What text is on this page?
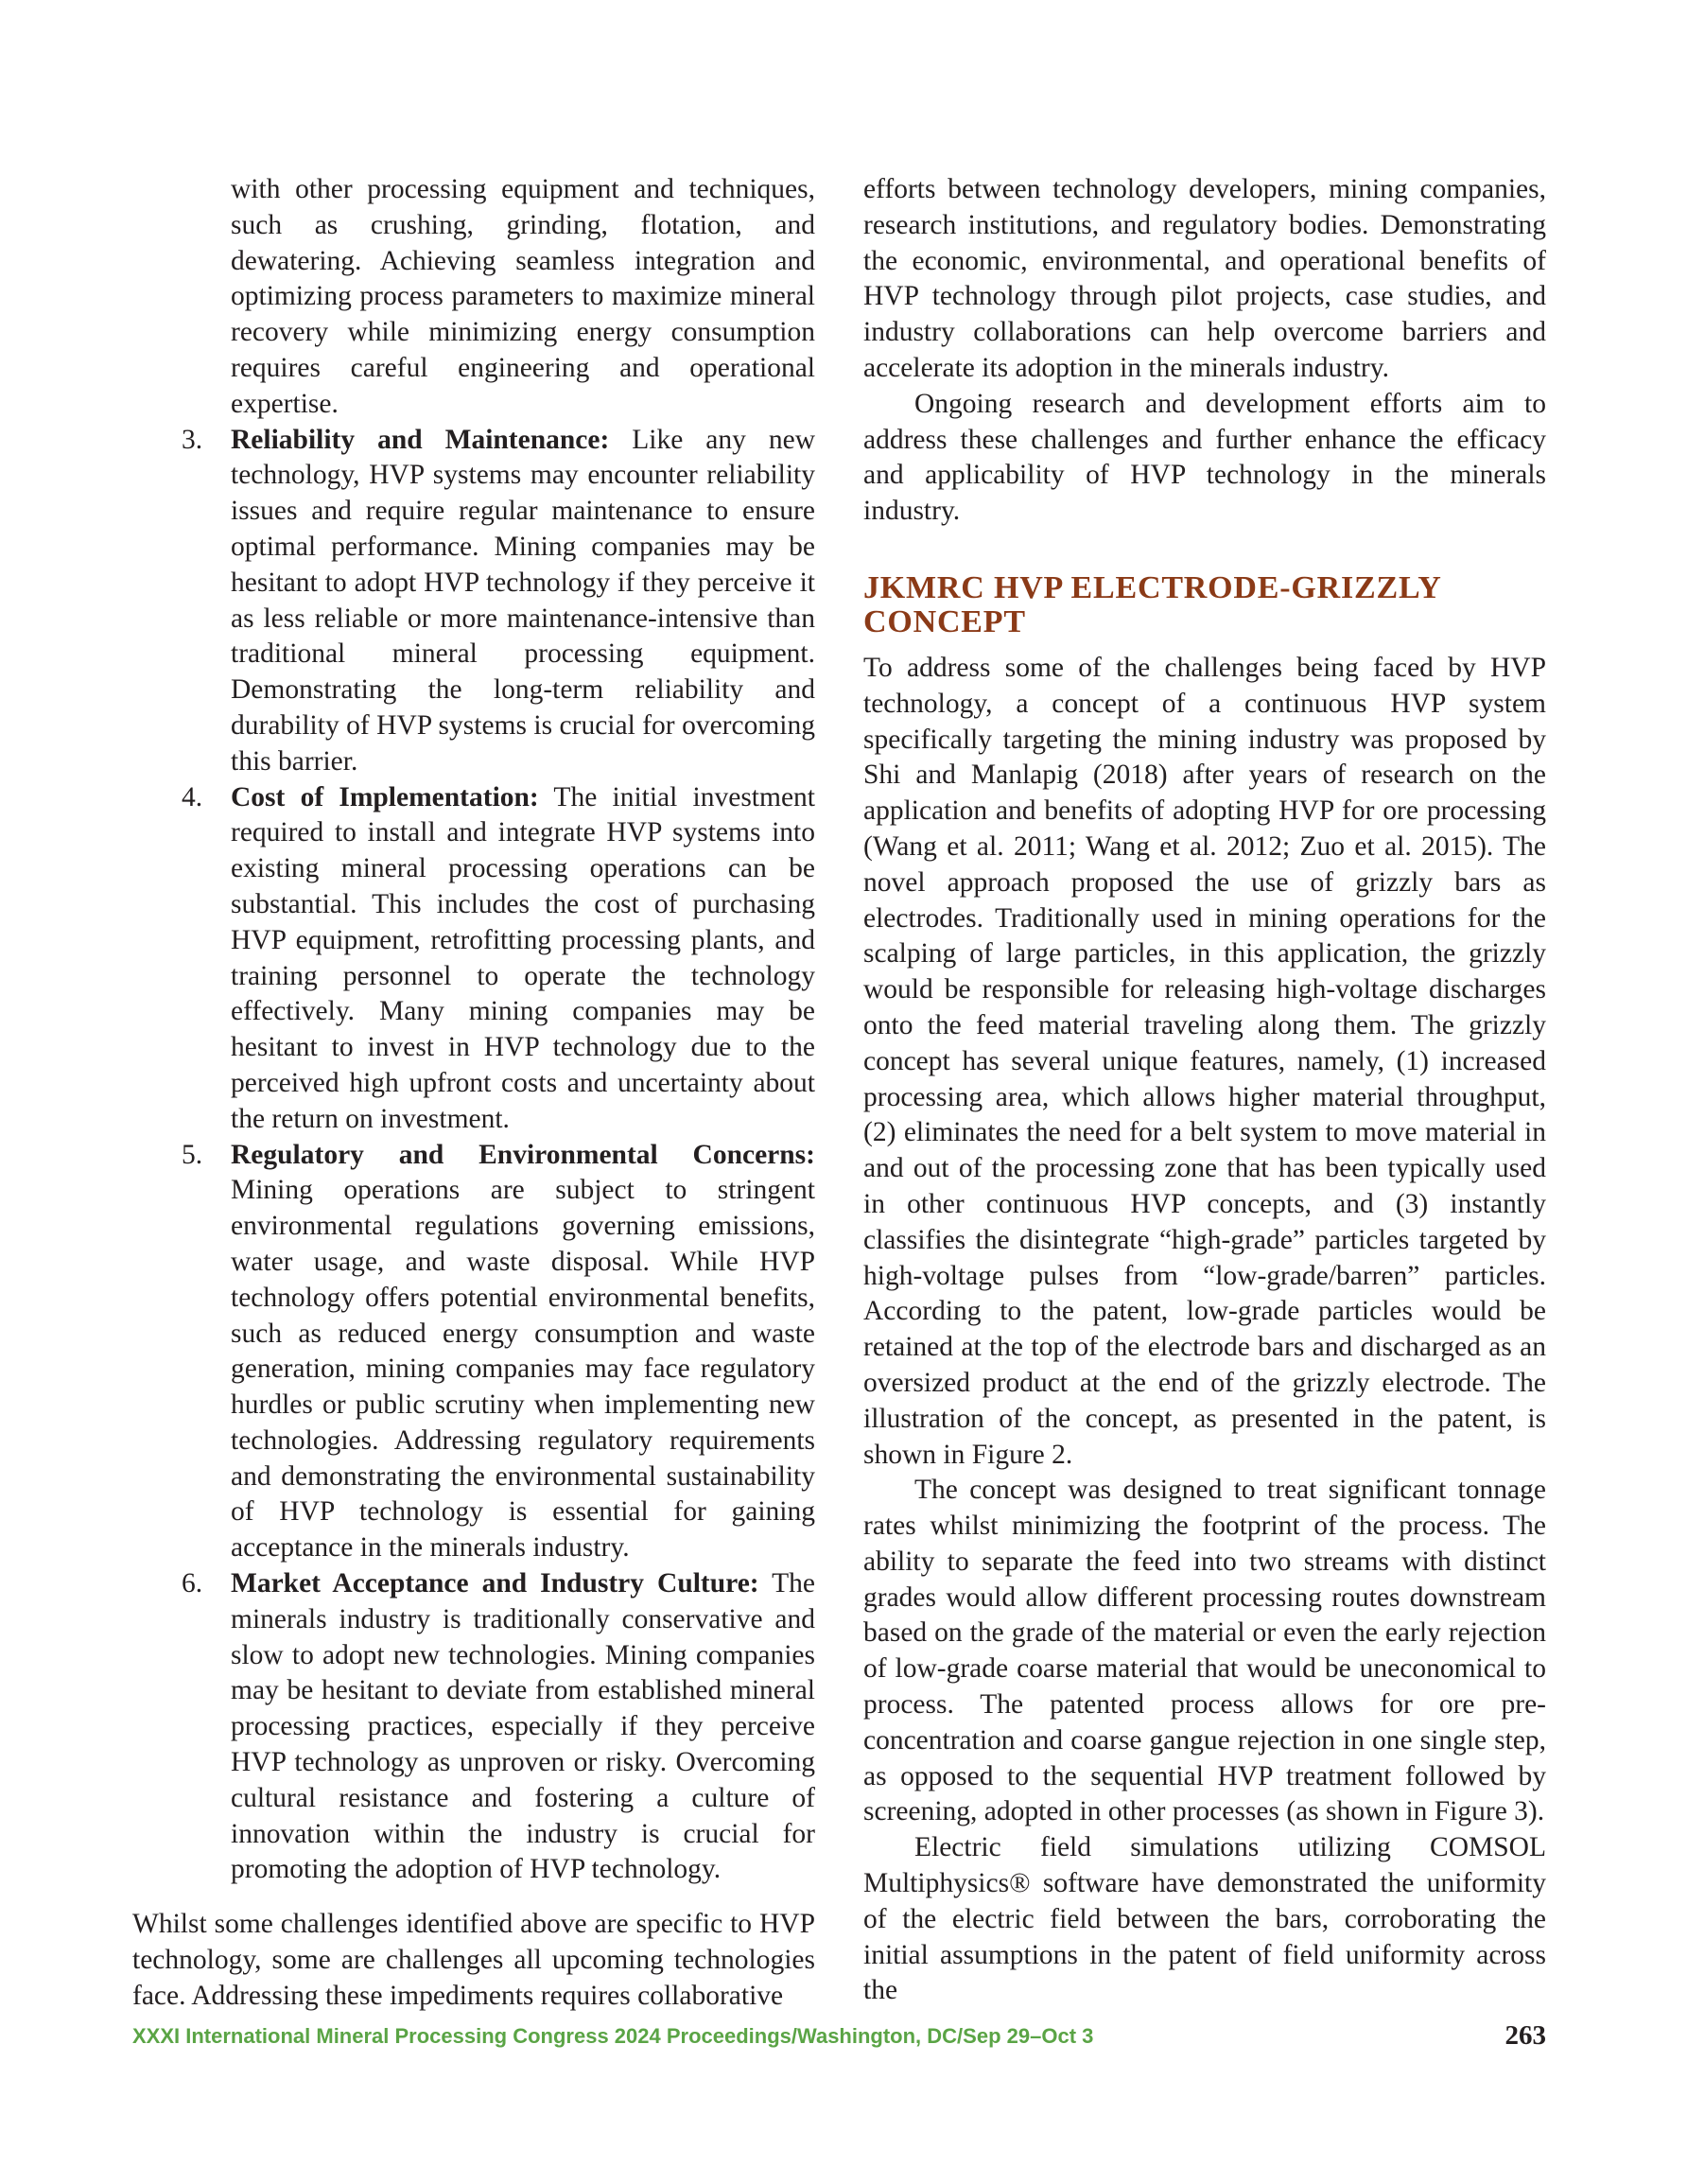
with other processing equipment and techniques, such as crushing, grinding, flotation, and dewatering. Achieving seamless integration and optimizing process parameters to maximize mineral recovery while minimizing energy consumption requires careful engineering and operational expertise.

3. Reliability and Maintenance: Like any new technology, HVP systems may encounter reliability issues and require regular maintenance to ensure optimal performance. Mining companies may be hesitant to adopt HVP technology if they perceive it as less reliable or more maintenance-intensive than traditional mineral processing equipment. Demonstrating the long-term reliability and durability of HVP systems is crucial for overcoming this barrier.

4. Cost of Implementation: The initial investment required to install and integrate HVP systems into existing mineral processing operations can be substantial. This includes the cost of purchasing HVP equipment, retrofitting processing plants, and training personnel to operate the technology effectively. Many mining companies may be hesitant to invest in HVP technology due to the perceived high upfront costs and uncertainty about the return on investment.

5. Regulatory and Environmental Concerns: Mining operations are subject to stringent environmental regulations governing emissions, water usage, and waste disposal. While HVP technology offers potential environmental benefits, such as reduced energy consumption and waste generation, mining companies may face regulatory hurdles or public scrutiny when implementing new technologies. Addressing regulatory requirements and demonstrating the environmental sustainability of HVP technology is essential for gaining acceptance in the minerals industry.

6. Market Acceptance and Industry Culture: The minerals industry is traditionally conservative and slow to adopt new technologies. Mining companies may be hesitant to deviate from established mineral processing practices, especially if they perceive HVP technology as unproven or risky. Overcoming cultural resistance and fostering a culture of innovation within the industry is crucial for promoting the adoption of HVP technology.

Whilst some challenges identified above are specific to HVP technology, some are challenges all upcoming technologies face. Addressing these impediments requires collaborative

efforts between technology developers, mining companies, research institutions, and regulatory bodies. Demonstrating the economic, environmental, and operational benefits of HVP technology through pilot projects, case studies, and industry collaborations can help overcome barriers and accelerate its adoption in the minerals industry.

Ongoing research and development efforts aim to address these challenges and further enhance the efficacy and applicability of HVP technology in the minerals industry.

JKMRC HVP ELECTRODE-GRIZZLY CONCEPT

To address some of the challenges being faced by HVP technology, a concept of a continuous HVP system specifically targeting the mining industry was proposed by Shi and Manlapig (2018) after years of research on the application and benefits of adopting HVP for ore processing (Wang et al. 2011; Wang et al. 2012; Zuo et al. 2015). The novel approach proposed the use of grizzly bars as electrodes. Traditionally used in mining operations for the scalping of large particles, in this application, the grizzly would be responsible for releasing high-voltage discharges onto the feed material traveling along them. The grizzly concept has several unique features, namely, (1) increased processing area, which allows higher material throughput, (2) eliminates the need for a belt system to move material in and out of the processing zone that has been typically used in other continuous HVP concepts, and (3) instantly classifies the disintegrate “high-grade” particles targeted by high-voltage pulses from “low-grade/barren” particles. According to the patent, low-grade particles would be retained at the top of the electrode bars and discharged as an oversized product at the end of the grizzly electrode. The illustration of the concept, as presented in the patent, is shown in Figure 2.

The concept was designed to treat significant tonnage rates whilst minimizing the footprint of the process. The ability to separate the feed into two streams with distinct grades would allow different processing routes downstream based on the grade of the material or even the early rejection of low-grade coarse material that would be uneconomical to process. The patented process allows for ore pre-concentration and coarse gangue rejection in one single step, as opposed to the sequential HVP treatment followed by screening, adopted in other processes (as shown in Figure 3).

Electric field simulations utilizing COMSOL Multiphysics® software have demonstrated the uniformity of the electric field between the bars, corroborating the initial assumptions in the patent of field uniformity across the

XXXI International Mineral Processing Congress 2024 Proceedings/Washington, DC/Sep 29–Oct 3	263
